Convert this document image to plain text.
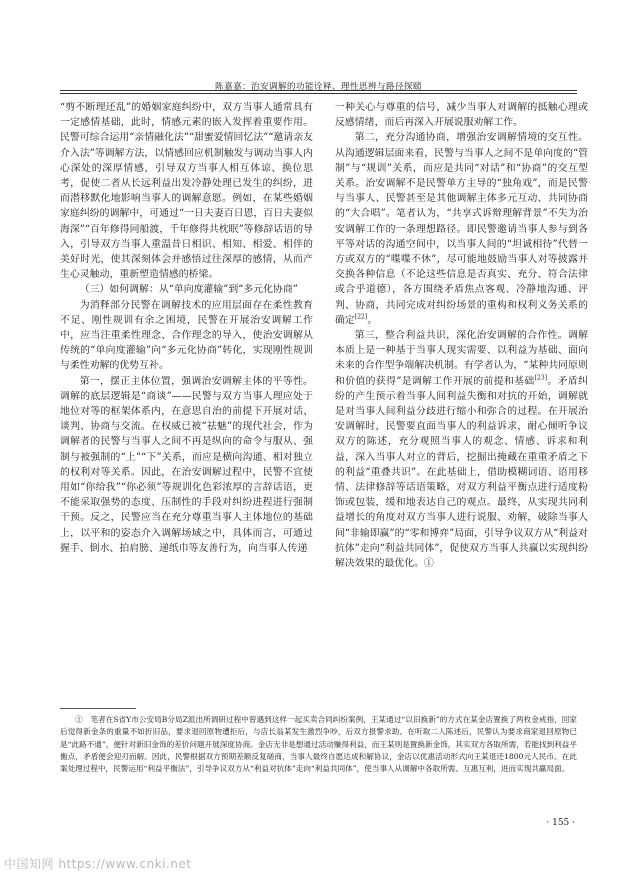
陈嘉嘉：治安调解的功能诠释、理性思辨与路径探赜

“剪不断理还乱”的婚姻家庭纠纷中，双方当事人通常具有一定感情基础，此时，情感元素的嵌入发挥着重要作用。民警可综合运用“亲情融化法”“甜蜜爱情回忆法”“邀请亲友介入法”等调解方法，以情感回应机制触发与调动当事人内心深处的深厚情感，引导双方当事人相互体谅、换位思考，促使二者从长远利益出发冷静处理已发生的纠纷，进而潜移默化地影响当事人的调解意愿。例如，在某些婚姻家庭纠纷的调解中，可通过“一日夫妻百日恩，百日夫妻似海深”“百年修得同船渡，千年修得共枕眠”等修辞话语的导入，引导双方当事人重温昔日相识、相知、相爱、相伴的美好时光，使其深刻体会并感悟过往深厚的感情，从而产生心灵触动，重新塑造情感的桥梁。

（三）如何调解：从“单向度灌输”到“多元化协商”

为消释部分民警在调解技术的应用层面存在柔性教育不足、刚性规训有余之困境，民警在开展治安调解工作中，应当注重柔性理念、合作理念的导入，使治安调解从传统的“单向度灌输”向“多元化协商”转化，实现刚性规训与柔性劝解的优势互补。

第一，摆正主体位置，强调治安调解主体的平等性。调解的底层逻辑是“商谈”——民警与双方当事人理应处于地位对等的框架体系内，在意思自治的前提下开展对话、谈判、协商与交流。在权威已被“祛魅”的现代社会，作为调解者的民警与当事人之间不再是纵向的命令与服从、强制与被强制的“上”“下”关系，而应是横向沟通、相对独立的权利对等关系。因此，在治安调解过程中，民警不宜使用如“你给我”“你必须”等规训化色彩浓厚的言辞话语，更不能采取强势的态度、压制性的手段对纠纷进程进行强制干预。反之，民警应当在充分尊重当事人主体地位的基础上，以平和的姿态介入调解场域之中，具体而言，可通过握手、倒水、拍肩膀、递纸巾等友善行为，向当事人传递

一种关心与尊重的信号，减少当事人对调解的抵触心理或反感情绪，而后再深入开展说服劝解工作。

第二，充分沟通协商，增强治安调解情境的交互性。从沟通逻辑层面来看，民警与当事人之间不是单向度的“管制”与“规训”关系，而应是共同“对话”和“协商”的交互型关系。治安调解不是民警单方主导的“独角戏”，而是民警与当事人、民警甚至是其他调解主体多元互动、共同协商的“大合唱”。笔者认为，“共享式诉辩理解背景”不失为治安调解工作的一条理想路径。即民警邀请当事人参与到各平等对话的沟通空间中，以当事人间的“坦诚相待”代替一方或双方的“喋喋不休”，尽可能地鼓励当事人对等披露并交换各种信息（不论这些信息是否真实、充分、符合法律或合乎道德），各方围绕矛盾焦点客观、冷静地沟通、评判、协商，共同完成对纠纷场景的重构和权利义务关系的确定[22]。

第三，整合利益共识，深化治安调解的合作性。调解本质上是一种基于当事人现实需要、以利益为基础、面向未来的合作型争端解决机制。有学者认为，“某种共同原则和价值的获得”是调解工作开展的前提和基础[23]。矛盾纠纷的产生预示着当事人间利益失衡和对抗的开始，调解就是对当事人间利益分歧进行缩小和弥合的过程。在开展治安调解时，民警要直面当事人的利益诉求，耐心倾听争议双方的陈述，充分观照当事人的观念、情感、诉求和利益，深入当事人对立的背后，挖掘出掩藏在重重矛盾之下的利益“重叠共识”。在此基础上，借助模糊词语、语用移情、法律修辞等话语策略，对双方利益平衡点进行适度粉饰或包装，缓和地表达自己的观点。最终，从实现共同利益增长的角度对双方当事人进行说服、劝解，破除当事人间“非输即赢”的“零和博弈”局面，引导争议双方从“利益对抗体”走向“利益共同体”，促使双方当事人共赢以实现纠纷解决效果的最优化。①

①　笔者在S省Y市公安局B分局Z派出所调研过程中曾遇到这样一起买卖合同纠纷案例，王某通过“以旧换新”的方式在某金店置换了两枚金戒指，回家后觉得新金条的重量不如折旧品，要求退回原物遭拒后，与店长翁某发生激烈争吵，后双方报警求助。在听取二人陈述后，民警认为要求商家退回原物已是“此路不通”，便针对新旧金饰的差价问题开展深度协商。金店无非是想通过活动赚得利益，而王某则是置换新金饰，其实双方各取所需，若能找到利益平衡点，矛盾便会迎刃而解。因此，民警根据双方预期差额反复磋商，当事人最终自愿达成和解协议，金店以优惠活动形式向王某退还1800元人民币。在此案处理过程中，民警运用“利益平衡法”，引导争议双方从“利益对抗体”走向“利益共同体”，使当事人从调解中各取所需、互惠互利，进而实现共赢局面。
· 155 ·
中国知网 https://www.cnki.net
